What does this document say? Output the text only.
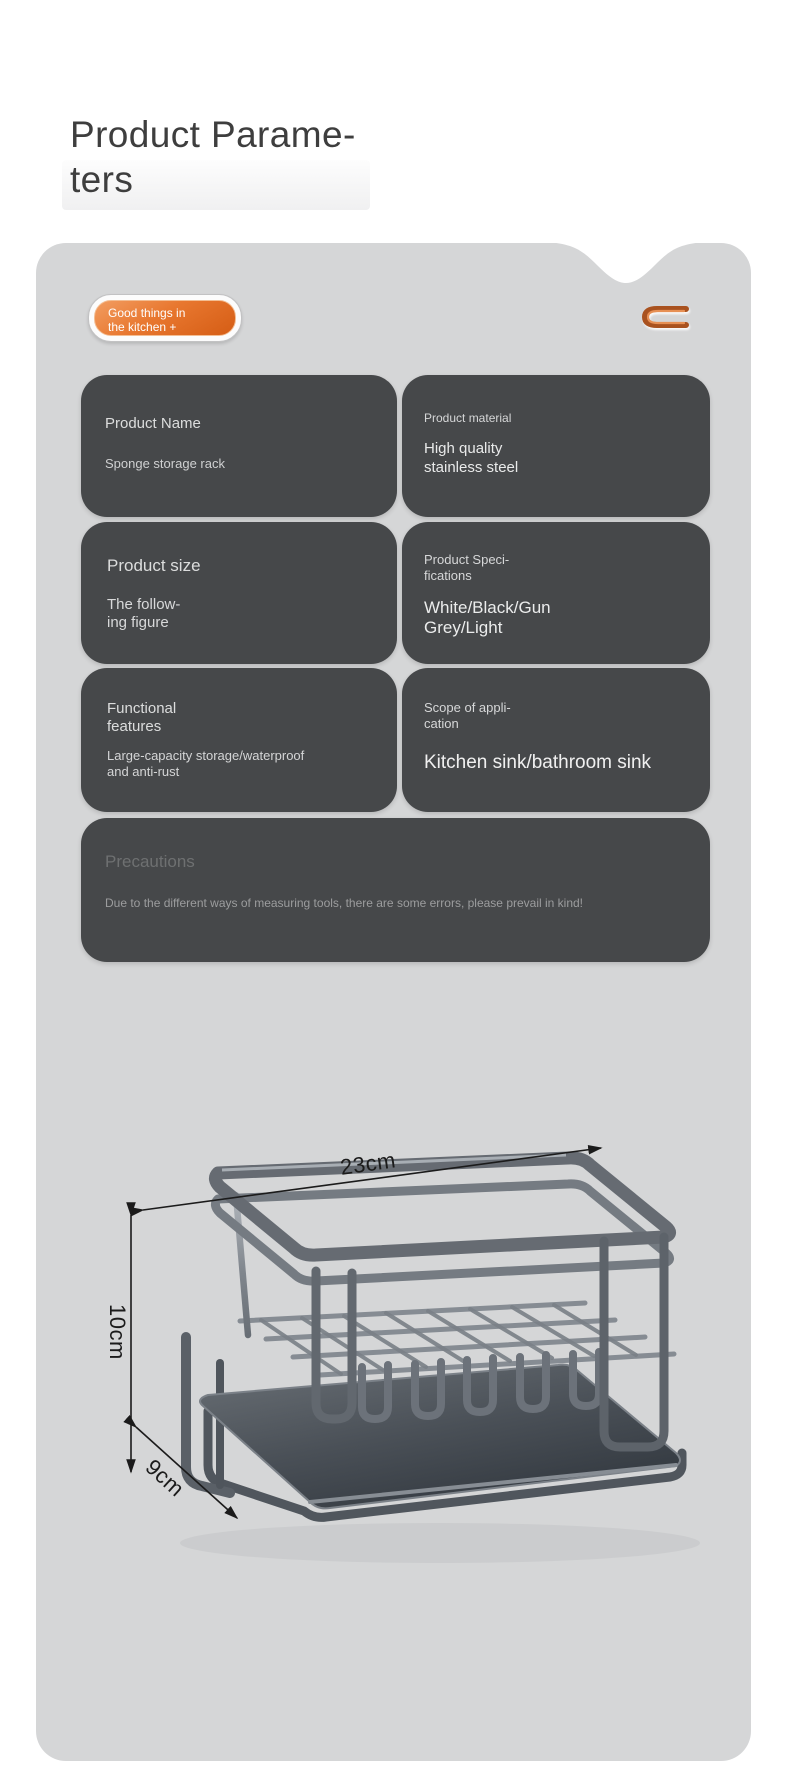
Product Parame-
ters
Good things in
the kitchen +
Product Name
Sponge storage rack
Product material
High quality
stainless steel
Product size
The follow-
ing figure
Product Speci-
fications
White/Black/Gun
Grey/Light
Functional
features
Large-capacity storage/waterproof
and anti-rust
Scope of appli-
cation
Kitchen sink/bathroom sink
Precautions
Due to the different ways of measuring tools, there are some errors, please prevail in kind!
23cm
10cm
9cm
